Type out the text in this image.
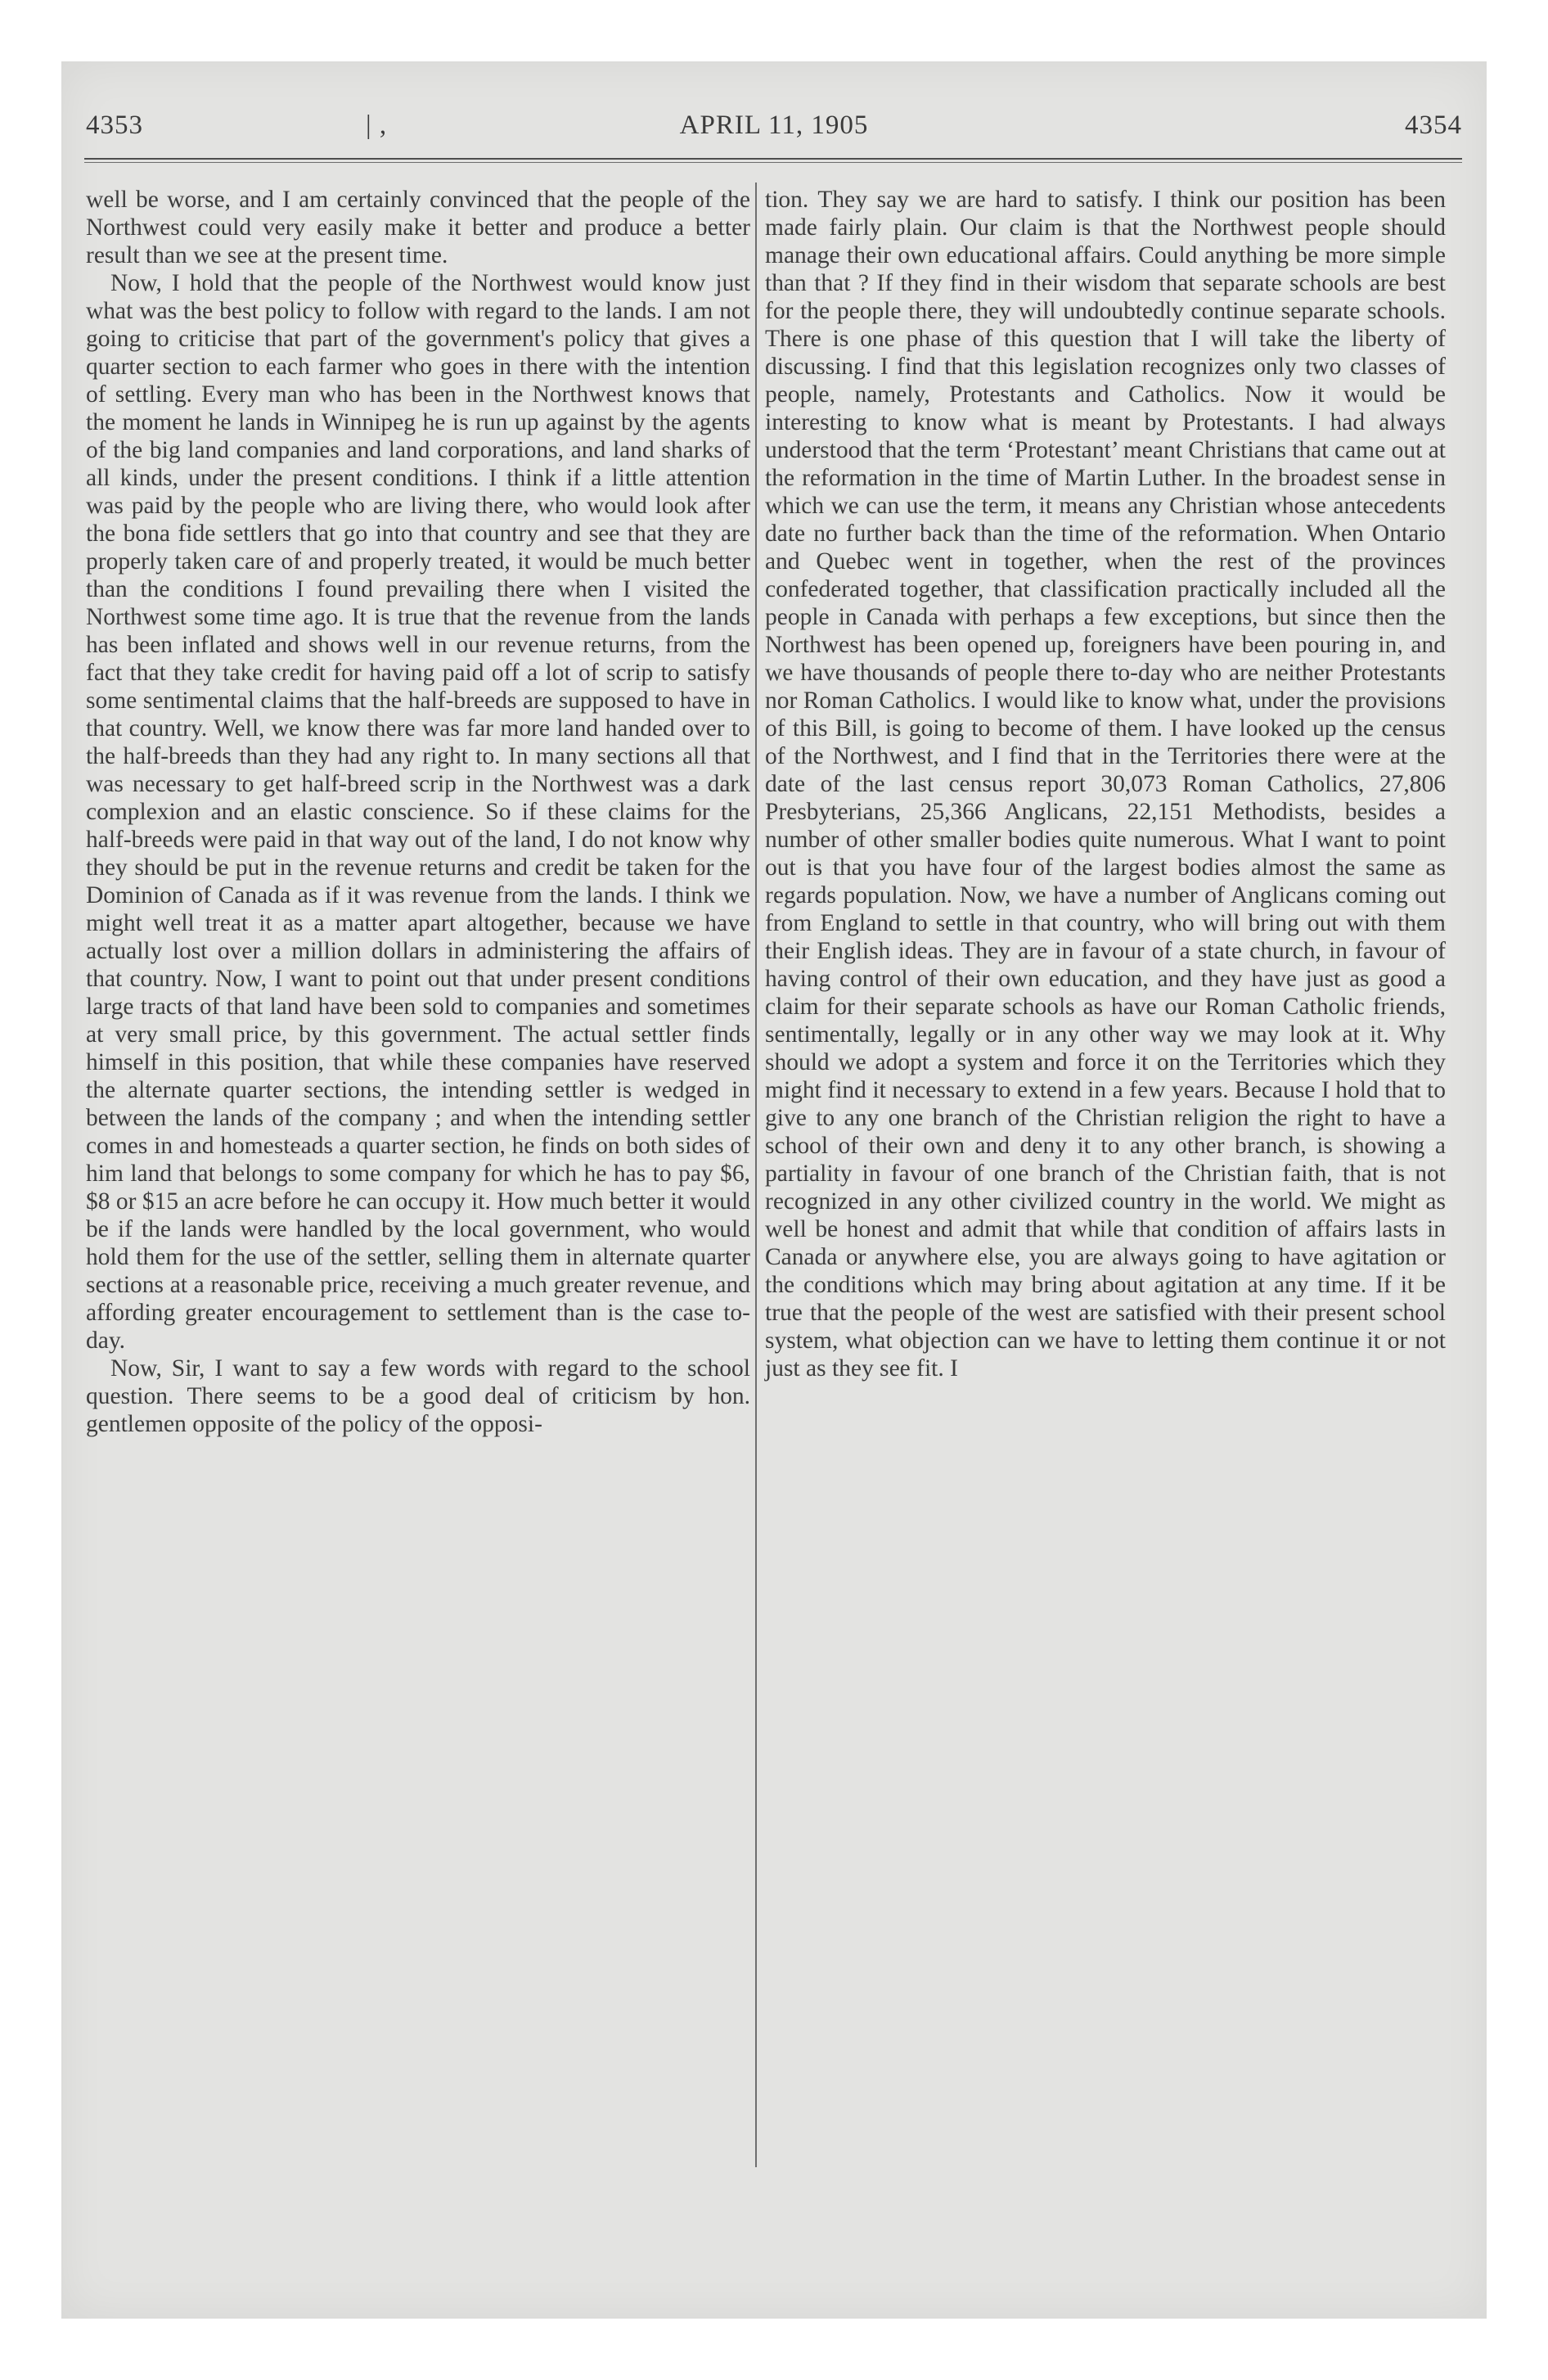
4353	| ,	APRIL 11, 1905	4354

well be worse, and I am certainly convinced that the people of the Northwest could very easily make it better and produce a better result than we see at the present time.

Now, I hold that the people of the Northwest would know just what was the best policy to follow with regard to the lands. I am not going to criticise that part of the government's policy that gives a quarter section to each farmer who goes in there with the intention of settling. Every man who has been in the Northwest knows that the moment he lands in Winnipeg he is run up against by the agents of the big land companies and land corporations, and land sharks of all kinds, under the present conditions. I think if a little attention was paid by the people who are living there, who would look after the bona fide settlers that go into that country and see that they are properly taken care of and properly treated, it would be much better than the conditions I found prevailing there when I visited the Northwest some time ago. It is true that the revenue from the lands has been inflated and shows well in our revenue returns, from the fact that they take credit for having paid off a lot of scrip to satisfy some sentimental claims that the half-breeds are supposed to have in that country. Well, we know there was far more land handed over to the half-breeds than they had any right to. In many sections all that was necessary to get half-breed scrip in the Northwest was a dark complexion and an elastic conscience. So if these claims for the half-breeds were paid in that way out of the land, I do not know why they should be put in the revenue returns and credit be taken for the Dominion of Canada as if it was revenue from the lands. I think we might well treat it as a matter apart altogether, because we have actually lost over a million dollars in administering the affairs of that country. Now, I want to point out that under present conditions large tracts of that land have been sold to companies and sometimes at very small price, by this government. The actual settler finds himself in this position, that while these companies have reserved the alternate quarter sections, the intending settler is wedged in between the lands of the company ; and when the intending settler comes in and homesteads a quarter section, he finds on both sides of him land that belongs to some company for which he has to pay $6, $8 or $15 an acre before he can occupy it. How much better it would be if the lands were handled by the local government, who would hold them for the use of the settler, selling them in alternate quarter sections at a reasonable price, receiving a much greater revenue, and affording greater encouragement to settlement than is the case to-day.

Now, Sir, I want to say a few words with regard to the school question. There seems to be a good deal of criticism by hon. gentlemen opposite of the policy of the opposi-

tion. They say we are hard to satisfy. I think our position has been made fairly plain. Our claim is that the Northwest people should manage their own educational affairs. Could anything be more simple than that ? If they find in their wisdom that separate schools are best for the people there, they will undoubtedly continue separate schools. There is one phase of this question that I will take the liberty of discussing. I find that this legislation recognizes only two classes of people, namely, Protestants and Catholics. Now it would be interesting to know what is meant by Protestants. I had always understood that the term ‘Protestant’ meant Christians that came out at the reformation in the time of Martin Luther. In the broadest sense in which we can use the term, it means any Christian whose antecedents date no further back than the time of the reformation. When Ontario and Quebec went in together, when the rest of the provinces confederated together, that classification practically included all the people in Canada with perhaps a few exceptions, but since then the Northwest has been opened up, foreigners have been pouring in, and we have thousands of people there to-day who are neither Protestants nor Roman Catholics. I would like to know what, under the provisions of this Bill, is going to become of them. I have looked up the census of the Northwest, and I find that in the Territories there were at the date of the last census report 30,073 Roman Catholics, 27,806 Presbyterians, 25,366 Anglicans, 22,151 Methodists, besides a number of other smaller bodies quite numerous. What I want to point out is that you have four of the largest bodies almost the same as regards population. Now, we have a number of Anglicans coming out from England to settle in that country, who will bring out with them their English ideas. They are in favour of a state church, in favour of having control of their own education, and they have just as good a claim for their separate schools as have our Roman Catholic friends, sentimentally, legally or in any other way we may look at it. Why should we adopt a system and force it on the Territories which they might find it necessary to extend in a few years. Because I hold that to give to any one branch of the Christian religion the right to have a school of their own and deny it to any other branch, is showing a partiality in favour of one branch of the Christian faith, that is not recognized in any other civilized country in the world. We might as well be honest and admit that while that condition of affairs lasts in Canada or anywhere else, you are always going to have agitation or the conditions which may bring about agitation at any time. If it be true that the people of the west are satisfied with their present school system, what objection can we have to letting them continue it or not just as they see fit. I
